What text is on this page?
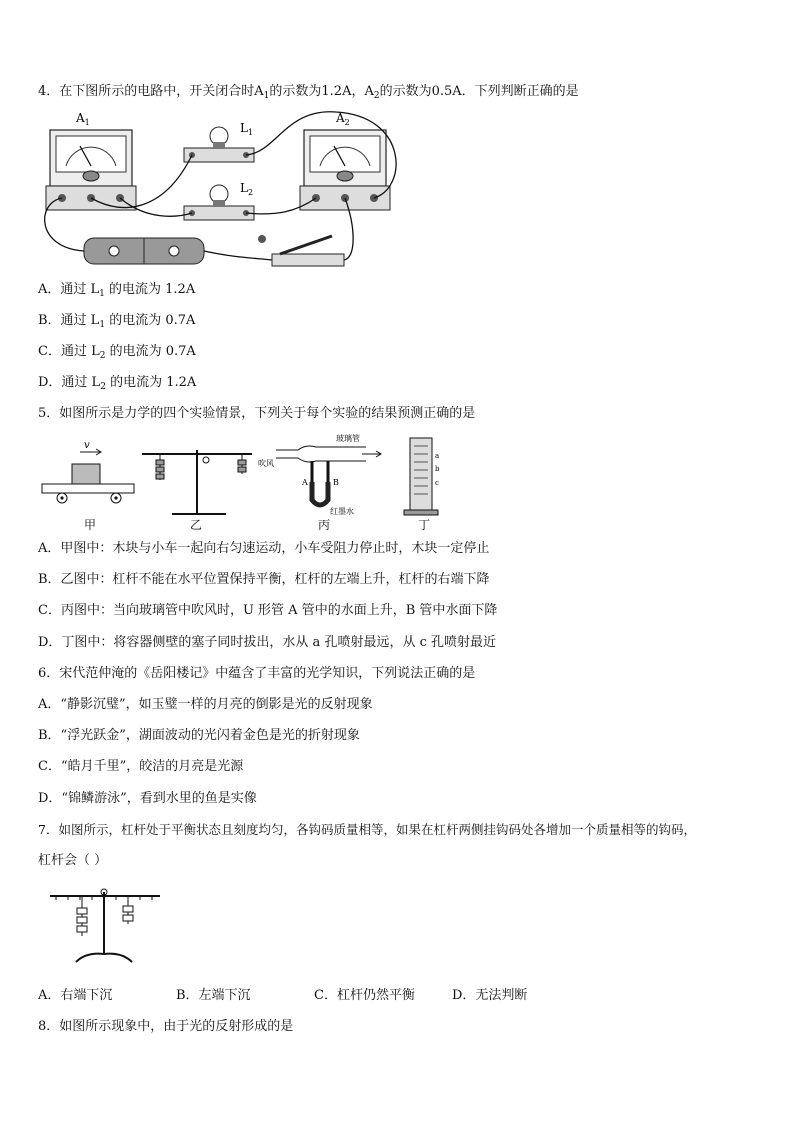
4．在下图所示的电路中，开关闭合时$A_1$的示数为1.2A，$A_2$的示数为0.5A．下列判断正确的是
$A_1$	$L_1$
$L_2$
$A_2$
A．通过 $L_1$ 的电流为 1.2A
B．通过 $L_1$ 的电流为 0.7A
C．通过 $L_2$ 的电流为 0.7A
D．通过 $L_2$ 的电流为 1.2A
5．如图所示是力学的四个实验情景，下列关于每个实验的结果预测正确的是
v
玻璃管
吹风
A	B
红墨水
a
b
c
甲	乙	丙	丁
A．甲图中：木块与小车一起向右匀速运动，小车受阻力停止时，木块一定停止
B．乙图中：杠杆不能在水平位置保持平衡，杠杆的左端上升，杠杆的右端下降
C．丙图中：当向玻璃管中吹风时，U 形管 A 管中的水面上升，B 管中水面下降
D．丁图中：将容器侧壁的塞子同时拔出，水从 a 孔喷射最远，从 c 孔喷射最近
6．宋代范仲淹的《岳阳楼记》中蕴含了丰富的光学知识，下列说法正确的是
A．“静影沉璧”，如玉璧一样的月亮的倒影是光的反射现象
B．“浮光跃金”，湖面波动的光闪着金色是光的折射现象
C．“皓月千里”，皎洁的月亮是光源
D．“锦鳞游泳”，看到水里的鱼是实像
7．如图所示，杠杆处于平衡状态且刻度均匀，各钩码质量相等，如果在杠杆两侧挂钩码处各增加一个质量相等的钩码，
杠杆会（ ）
A．右端下沉	B．左端下沉	C．杠杆仍然平衡	D．无法判断
8．如图所示现象中，由于光的反射形成的是
